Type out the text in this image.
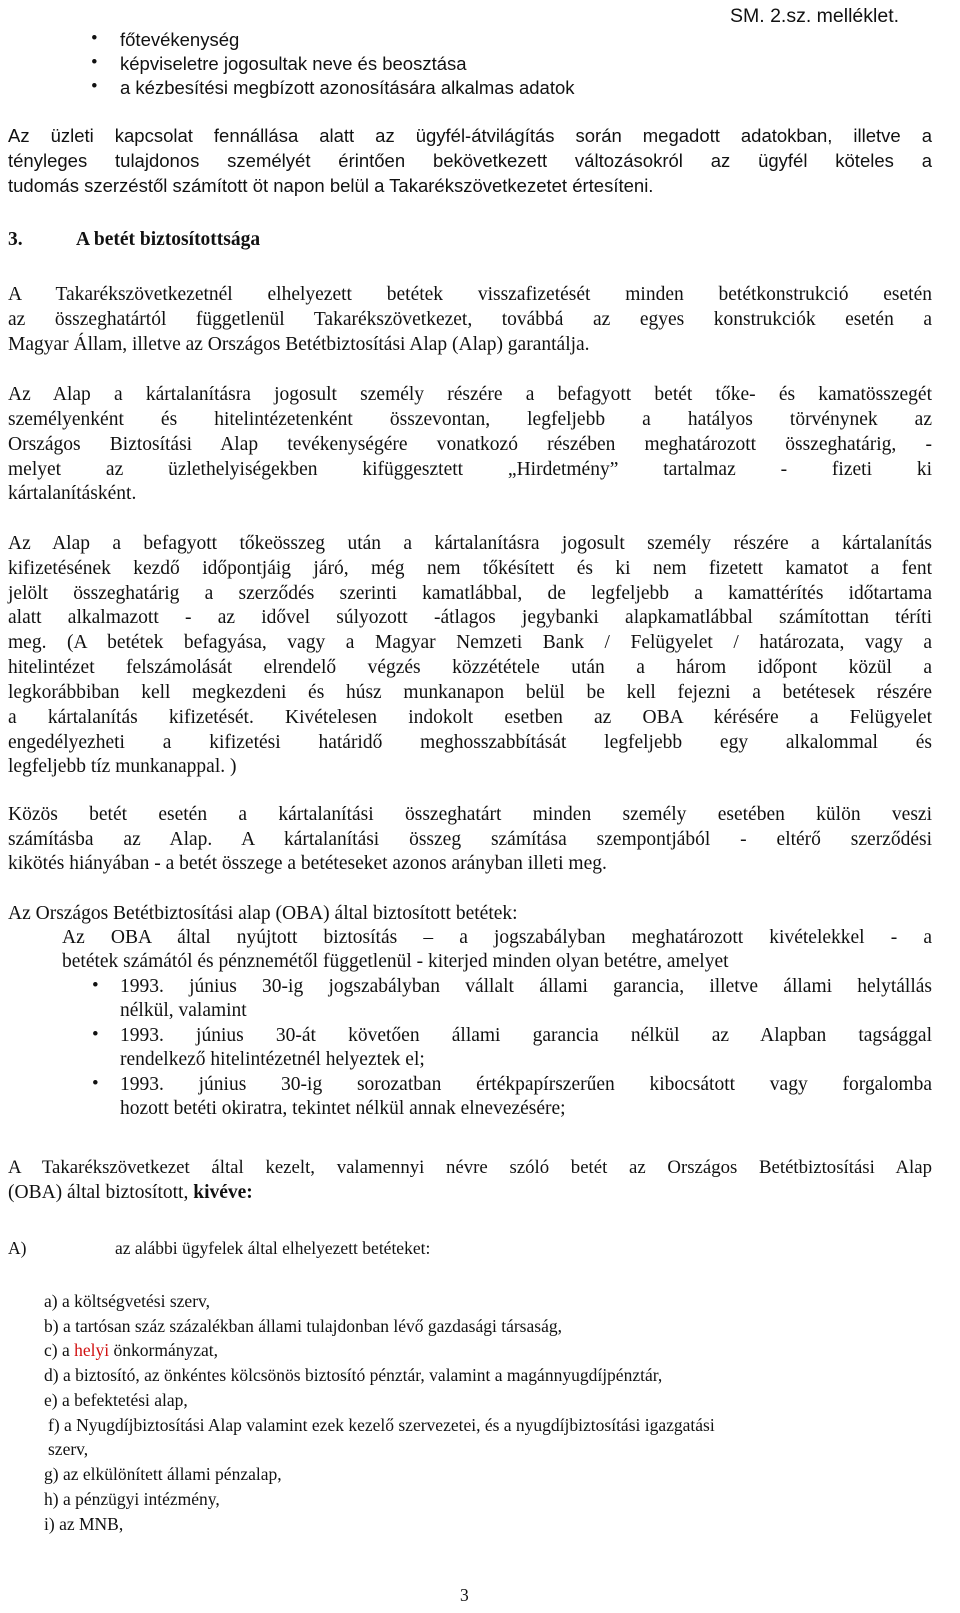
SM. 2.sz. melléklet.
•	főtevékenység
•	képviseletre jogosultak neve és beosztása
•	a kézbesítési megbízott azonosítására alkalmas adatok
Az üzleti kapcsolat fennállása alatt az ügyfél-átvilágítás során megadott adatokban, illetve a
tényleges tulajdonos személyét érintően bekövetkezett változásokról az ügyfél köteles a
tudomás szerzéstől számított öt napon belül a Takarékszövetkezetet értesíteni.
3.	A betét biztosítottsága
A Takarékszövetkezetnél elhelyezett betétek visszafizetését minden betétkonstrukció esetén
az összeghatártól függetlenül Takarékszövetkezet, továbbá az egyes konstrukciók esetén a
Magyar Állam, illetve az Országos Betétbiztosítási Alap (Alap) garantálja.
Az Alap a kártalanításra jogosult személy részére a befagyott betét tőke- és kamatösszegét
személyenként és hitelintézetenként összevontan, legfeljebb a hatályos törvénynek az
Országos Biztosítási Alap tevékenységére vonatkozó részében meghatározott összeghatárig, -
melyet az üzlethelyiségekben kifüggesztett „Hirdetmény” tartalmaz - fizeti ki
kártalanításként.
Az Alap a befagyott tőkeösszeg után a kártalanításra jogosult személy részére a kártalanítás
kifizetésének kezdő időpontjáig járó, még nem tőkésített és ki nem fizetett kamatot a fent
jelölt összeghatárig a szerződés szerinti kamatlábbal, de legfeljebb a kamattérítés időtartama
alatt alkalmazott - az idővel súlyozott -átlagos jegybanki alapkamatlábbal számítottan téríti
meg. (A betétek befagyása, vagy a Magyar Nemzeti Bank / Felügyelet / határozata, vagy a
hitelintézet felszámolását elrendelő végzés közzététele után a három időpont közül a
legkorábbiban kell megkezdeni és húsz munkanapon belül be kell fejezni a betétesek részére
a kártalanítás kifizetését. Kivételesen indokolt esetben az OBA kérésére a Felügyelet
engedélyezheti a kifizetési határidő meghosszabbítását legfeljebb egy alkalommal és
legfeljebb tíz munkanappal. )
Közös betét esetén a kártalanítási összeghatárt minden személy esetében külön veszi
számításba az Alap. A kártalanítási összeg számítása szempontjából - eltérő szerződési
kikötés hiányában - a betét összege a betéteseket azonos arányban illeti meg.
Az Országos Betétbiztosítási alap (OBA) által biztosított betétek:
Az OBA által nyújtott biztosítás – a jogszabályban meghatározott kivételekkel - a
betétek számától és pénznemétől függetlenül - kiterjed minden olyan betétre, amelyet
•	1993. június 30-ig jogszabályban vállalt állami garancia, illetve állami helytállás
nélkül, valamint
•	1993. június 30-át követően állami garancia nélkül az Alapban tagsággal
rendelkező hitelintézetnél helyeztek el;
•	1993. június 30-ig sorozatban értékpapírszerűen kibocsátott vagy forgalomba
hozott betéti okiratra, tekintet nélkül annak elnevezésére;
A Takarékszövetkezet által kezelt, valamennyi névre szóló betét az Országos Betétbiztosítási Alap
(OBA) által biztosított, kivéve:
A)	az alábbi ügyfelek által elhelyezett betéteket:
a) a költségvetési szerv,
b) a tartósan száz százalékban állami tulajdonban lévő gazdasági társaság,
c) a helyi önkormányzat,
d) a biztosító, az önkéntes kölcsönös biztosító pénztár, valamint a magánnyugdíjpénztár,
e) a befektetési alap,
f) a Nyugdíjbiztosítási Alap valamint ezek kezelő szervezetei, és a nyugdíjbiztosítási igazgatási
szerv,
g) az elkülönített állami pénzalap,
h) a pénzügyi intézmény,
i) az MNB,
3
